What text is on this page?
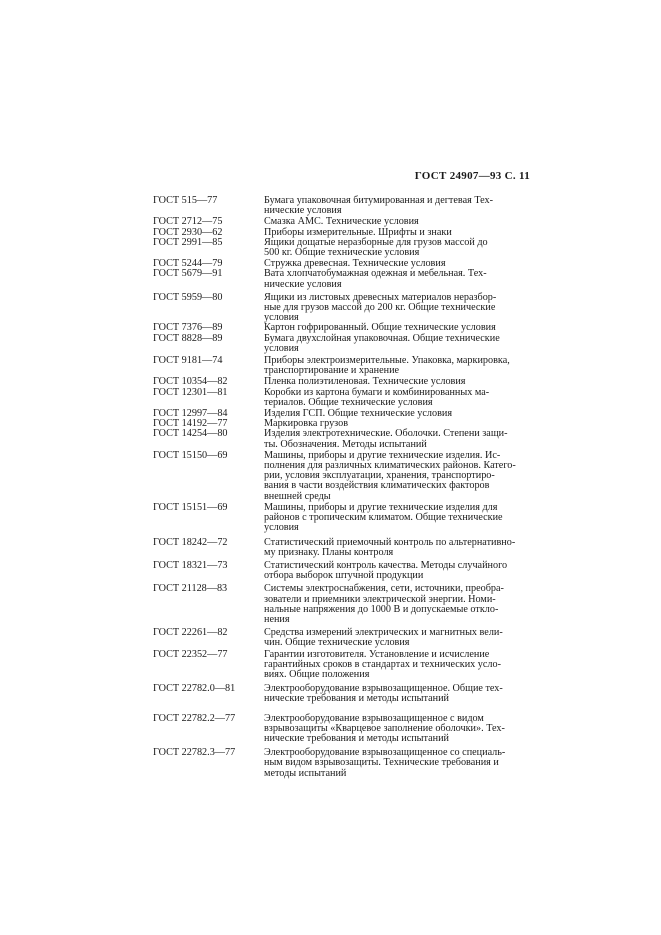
ГОСТ 24907—93 С. 11
ГОСТ 515—77	Бумага упаковочная битумированная и дегтевая Тех-
нические условия
ГОСТ 2712—75	Смазка АМС. Технические условия
ГОСТ 2930—62	Приборы измерительные. Шрифты и знаки
ГОСТ 2991—85	Ящики дощатые неразборные для грузов массой до
500 кг. Общие технические условия
ГОСТ 5244—79	Стружка древесная. Технические условия
ГОСТ 5679—91	Вата хлопчатобумажная одежная и мебельная. Тех-
нические условия
ГОСТ 5959—80	Ящики из листовых древесных материалов неразбор-
ные для грузов массой до 200 кг. Общие технические
условия
ГОСТ 7376—89	Картон гофрированный. Общие технические условия
ГОСТ 8828—89	Бумага двухслойная упаковочная. Общие технические
условия
ГОСТ 9181—74	Приборы электроизмерительные. Упаковка, маркировка,
транспортирование и хранение
ГОСТ 10354—82	Пленка полиэтиленовая. Технические условия
ГОСТ 12301—81	Коробки из картона бумаги и комбинированных ма-
териалов. Общие технические условия
ГОСТ 12997—84	Изделия ГСП. Общие технические условия
ГОСТ 14192—77	Маркировка грузов
ГОСТ 14254—80	Изделия электротехнические. Оболочки. Степени защи-
ты. Обозначения. Методы испытаний
ГОСТ 15150—69	Машины, приборы и другие технические изделия. Ис-
полнения для различных климатических районов. Катего-
рии, условия эксплуатации, хранения, транспортиро-
вания в части воздействия климатических факторов
внешней среды
ГОСТ 15151—69	Машины, приборы и другие технические изделия для
районов с тропическим климатом. Общие технические
условия
ГОСТ 18242—72	Статистический приемочный контроль по альтернативно-
му признаку. Планы контроля
ГОСТ 18321—73	Статистический контроль качества. Методы случайного
отбора выборок штучной продукции
ГОСТ 21128—83	Системы электроснабжения, сети, источники, преобра-
зователи и приемники электрической энергии. Номи-
нальные напряжения до 1000 В и допускаемые откло-
нения
ГОСТ 22261—82	Средства измерений электрических и магнитных вели-
чин. Общие технические условия
ГОСТ 22352—77	Гарантии изготовителя. Установление и исчисление
гарантийных сроков в стандартах и технических усло-
виях. Общие положения
ГОСТ 22782.0—81	Электрооборудование взрывозащищенное. Общие тех-
нические требования и методы испытаний
ГОСТ 22782.2—77	Электрооборудование взрывозащищенное с видом
взрывозащиты «Кварцевое заполнение оболочки». Тех-
нические требования и методы испытаний
ГОСТ 22782.3—77	Электрооборудование взрывозащищенное со специаль-
ным видом взрывозащиты. Технические требования и
методы испытаний
